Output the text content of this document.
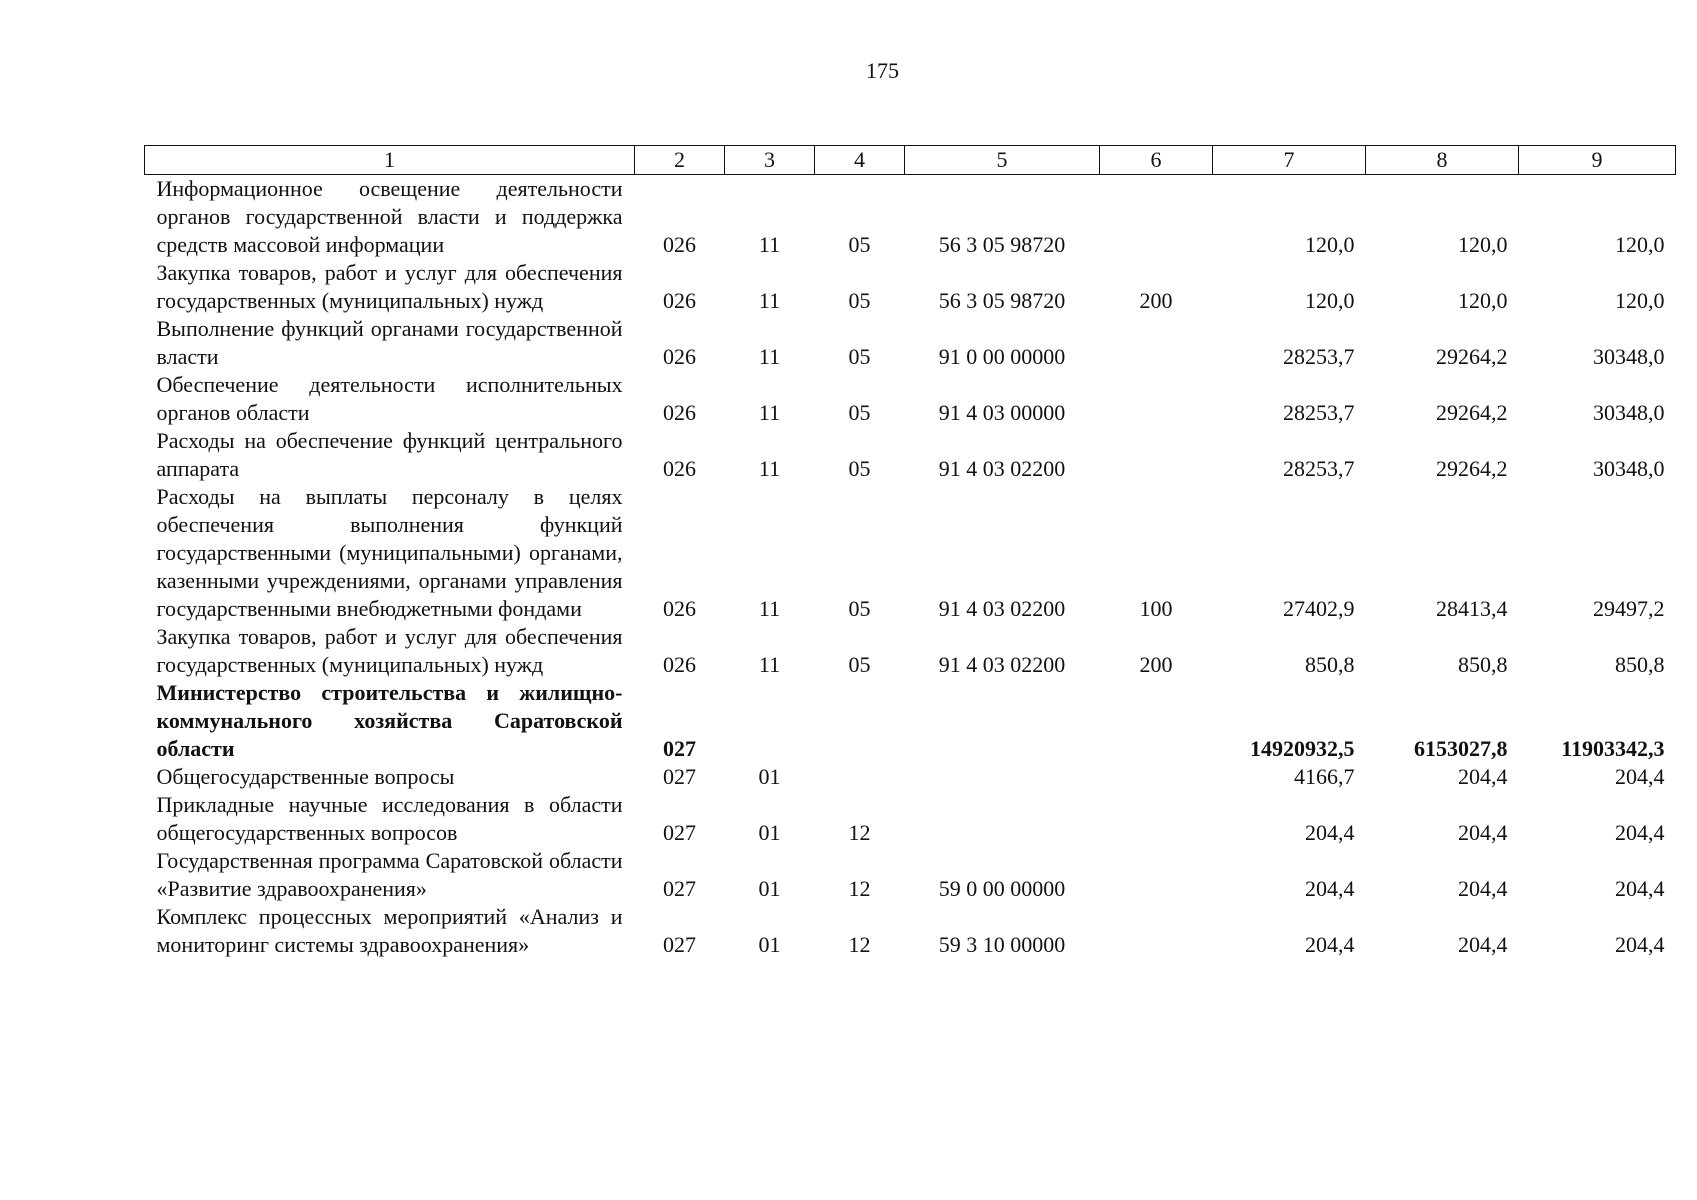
175
1	2	3	4	5	6	7	8	9
Информационное освещение деятельности органов государственной власти и поддержка средств массовой информации	026	11	05	56 3 05 98720		120,0	120,0	120,0
Закупка товаров, работ и услуг для обеспечения государственных (муниципальных) нужд	026	11	05	56 3 05 98720	200	120,0	120,0	120,0
Выполнение функций органами государственной власти	026	11	05	91 0 00 00000		28253,7	29264,2	30348,0
Обеспечение деятельности исполнительных органов области	026	11	05	91 4 03 00000		28253,7	29264,2	30348,0
Расходы на обеспечение функций центрального аппарата	026	11	05	91 4 03 02200		28253,7	29264,2	30348,0
Расходы на выплаты персоналу в целях обеспечения выполнения функций государственными (муниципальными) органами, казенными учреждениями, органами управления государственными внебюджетными фондами	026	11	05	91 4 03 02200	100	27402,9	28413,4	29497,2
Закупка товаров, работ и услуг для обеспечения государственных (муниципальных) нужд	026	11	05	91 4 03 02200	200	850,8	850,8	850,8
Министерство строительства и жилищно-коммунального хозяйства Саратовской области	027					14920932,5	6153027,8	11903342,3
Общегосударственные вопросы	027	01				4166,7	204,4	204,4
Прикладные научные исследования в области общегосударственных вопросов	027	01	12			204,4	204,4	204,4
Государственная программа Саратовской области «Развитие здравоохранения»	027	01	12	59 0 00 00000		204,4	204,4	204,4
Комплекс процессных мероприятий «Анализ и мониторинг системы здравоохранения»	027	01	12	59 3 10 00000		204,4	204,4	204,4
